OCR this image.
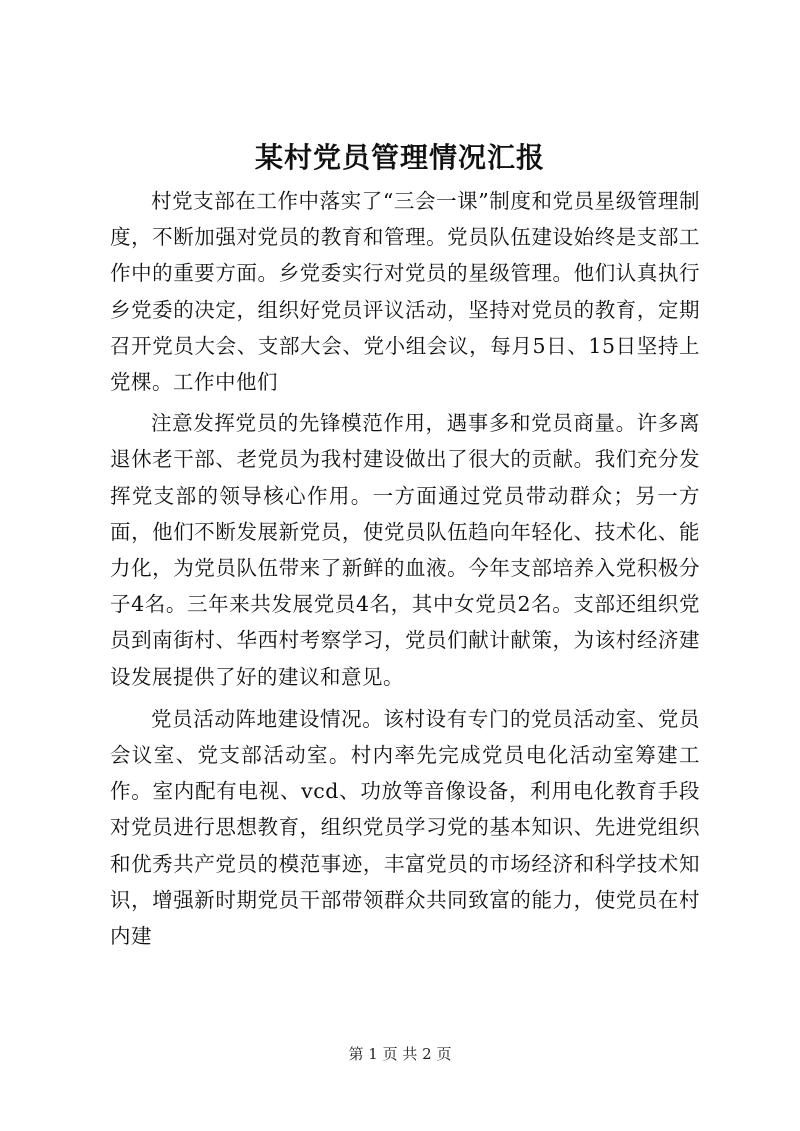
某村党员管理情况汇报

村党支部在工作中落实了“三会一课”制度和党员星级管理制度，不断加强对党员的教育和管理。党员队伍建设始终是支部工作中的重要方面。乡党委实行对党员的星级管理。他们认真执行乡党委的决定，组织好党员评议活动，坚持对党员的教育，定期召开党员大会、支部大会、党小组会议，每月5日、15日坚持上党棵。工作中他们

注意发挥党员的先锋模范作用，遇事多和党员商量。许多离退休老干部、老党员为我村建设做出了很大的贡献。我们充分发挥党支部的领导核心作用。一方面通过党员带动群众；另一方面，他们不断发展新党员，使党员队伍趋向年轻化、技术化、能力化，为党员队伍带来了新鲜的血液。今年支部培养入党积极分子4名。三年来共发展党员4名，其中女党员2名。支部还组织党员到南街村、华西村考察学习，党员们献计献策，为该村经济建设发展提供了好的建议和意见。

党员活动阵地建设情况。该村设有专门的党员活动室、党员会议室、党支部活动室。村内率先完成党员电化活动室筹建工作。室内配有电视、vcd、功放等音像设备，利用电化教育手段对党员进行思想教育，组织党员学习党的基本知识、先进党组织和优秀共产党员的模范事迹，丰富党员的市场经济和科学技术知识，增强新时期党员干部带领群众共同致富的能力，使党员在村内建

第 1 页 共 2 页
